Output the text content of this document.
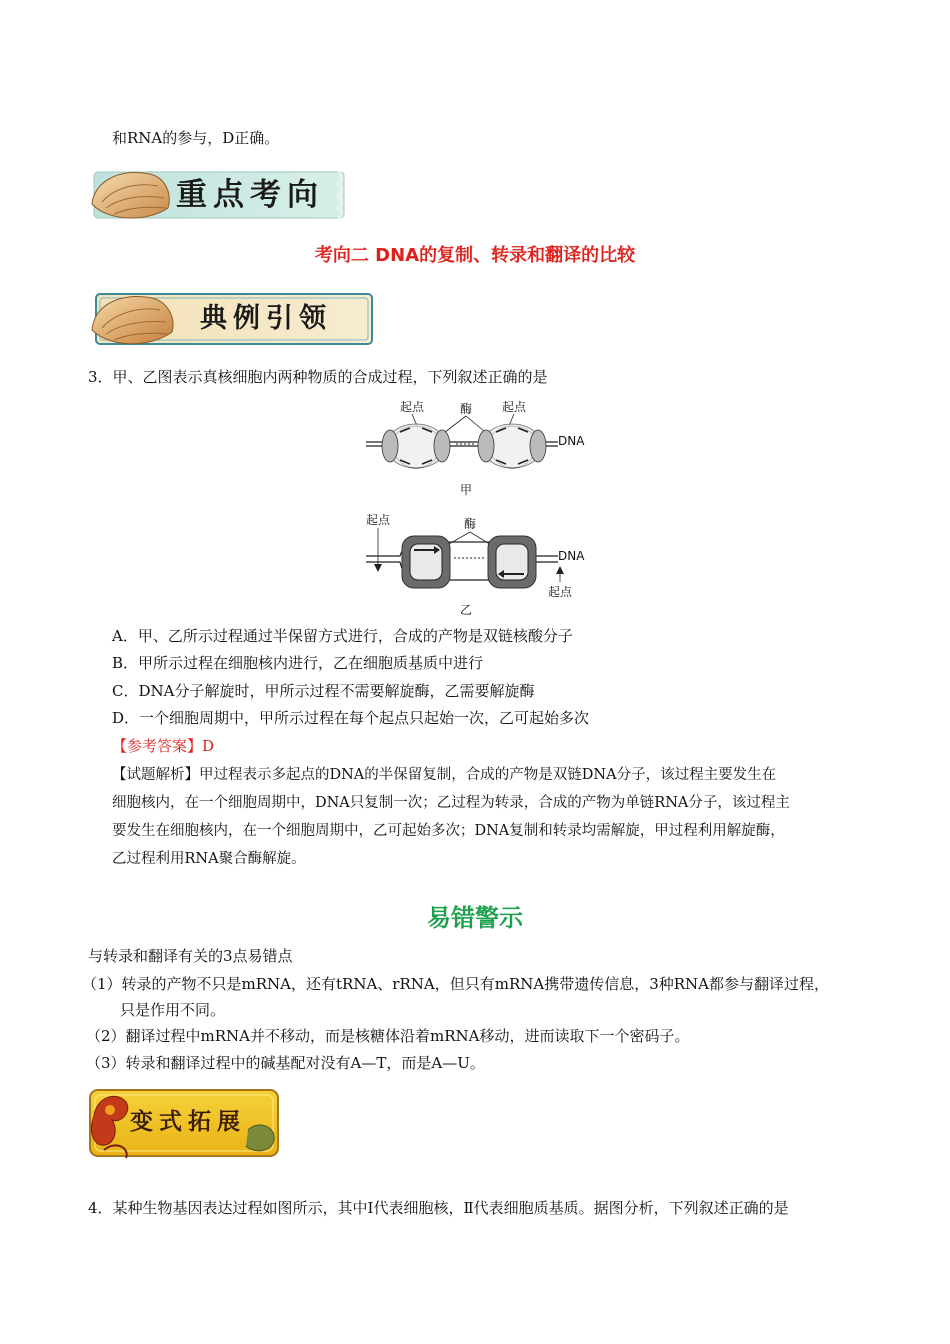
和RNA的参与，D正确。
重点考向
考向二 DNA的复制、转录和翻译的比较
典例引领
3．甲、乙图表示真核细胞内两种物质的合成过程，下列叙述正确的是
起点	酶 起点
DNA
甲
起点	酶
DNA
起点
乙
A．甲、乙所示过程通过半保留方式进行，合成的产物是双链核酸分子
B．甲所示过程在细胞核内进行，乙在细胞质基质中进行
C．DNA分子解旋时，甲所示过程不需要解旋酶，乙需要解旋酶
D．一个细胞周期中，甲所示过程在每个起点只起始一次，乙可起始多次
【参考答案】D
【试题解析】甲过程表示多起点的DNA的半保留复制，合成的产物是双链DNA分子，该过程主要发生在
细胞核内，在一个细胞周期中，DNA只复制一次；乙过程为转录，合成的产物为单链RNA分子，该过程主
要发生在细胞核内，在一个细胞周期中，乙可起始多次；DNA复制和转录均需解旋，甲过程利用解旋酶，
乙过程利用RNA聚合酶解旋。
易错警示
与转录和翻译有关的3点易错点
（1）转录的产物不只是mRNA，还有tRNA、rRNA，但只有mRNA携带遗传信息，3种RNA都参与翻译过程，
只是作用不同。
（2）翻译过程中mRNA并不移动，而是核糖体沿着mRNA移动，进而读取下一个密码子。
（3）转录和翻译过程中的碱基配对没有A—T，而是A—U。
变式拓展
4．某种生物基因表达过程如图所示，其中Ⅰ代表细胞核，Ⅱ代表细胞质基质。据图分析，下列叙述正确的是
